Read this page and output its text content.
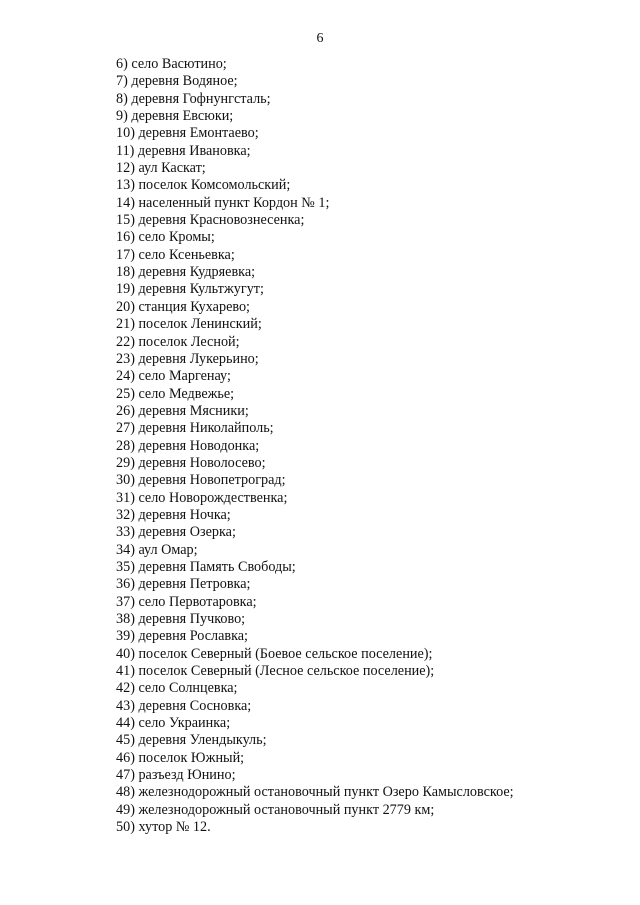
6
6) село Васютино;
7) деревня Водяное;
8) деревня Гофнунгсталь;
9) деревня Евсюки;
10) деревня Емонтаево;
11) деревня Ивановка;
12) аул Каскат;
13) поселок Комсомольский;
14) населенный пункт Кордон № 1;
15) деревня Красновознесенка;
16) село Кромы;
17) село Ксеньевка;
18) деревня Кудряевка;
19) деревня Культжугут;
20) станция Кухарево;
21) поселок Ленинский;
22) поселок Лесной;
23) деревня Лукерьино;
24) село Маргенау;
25) село Медвежье;
26) деревня Мясники;
27) деревня Николайполь;
28) деревня Новодонка;
29) деревня Новолосево;
30) деревня Новопетроград;
31) село Новорождественка;
32) деревня Ночка;
33) деревня Озерка;
34) аул Омар;
35) деревня Память Свободы;
36) деревня Петровка;
37) село Первотаровка;
38) деревня Пучково;
39) деревня Рославка;
40) поселок Северный (Боевое сельское поселение);
41) поселок Северный (Лесное сельское поселение);
42) село Солнцевка;
43) деревня Сосновка;
44) село Украинка;
45) деревня Улендыкуль;
46) поселок Южный;
47) разъезд Юнино;
48) железнодорожный остановочный пункт Озеро Камысловское;
49) железнодорожный остановочный пункт 2779 км;
50) хутор № 12.
